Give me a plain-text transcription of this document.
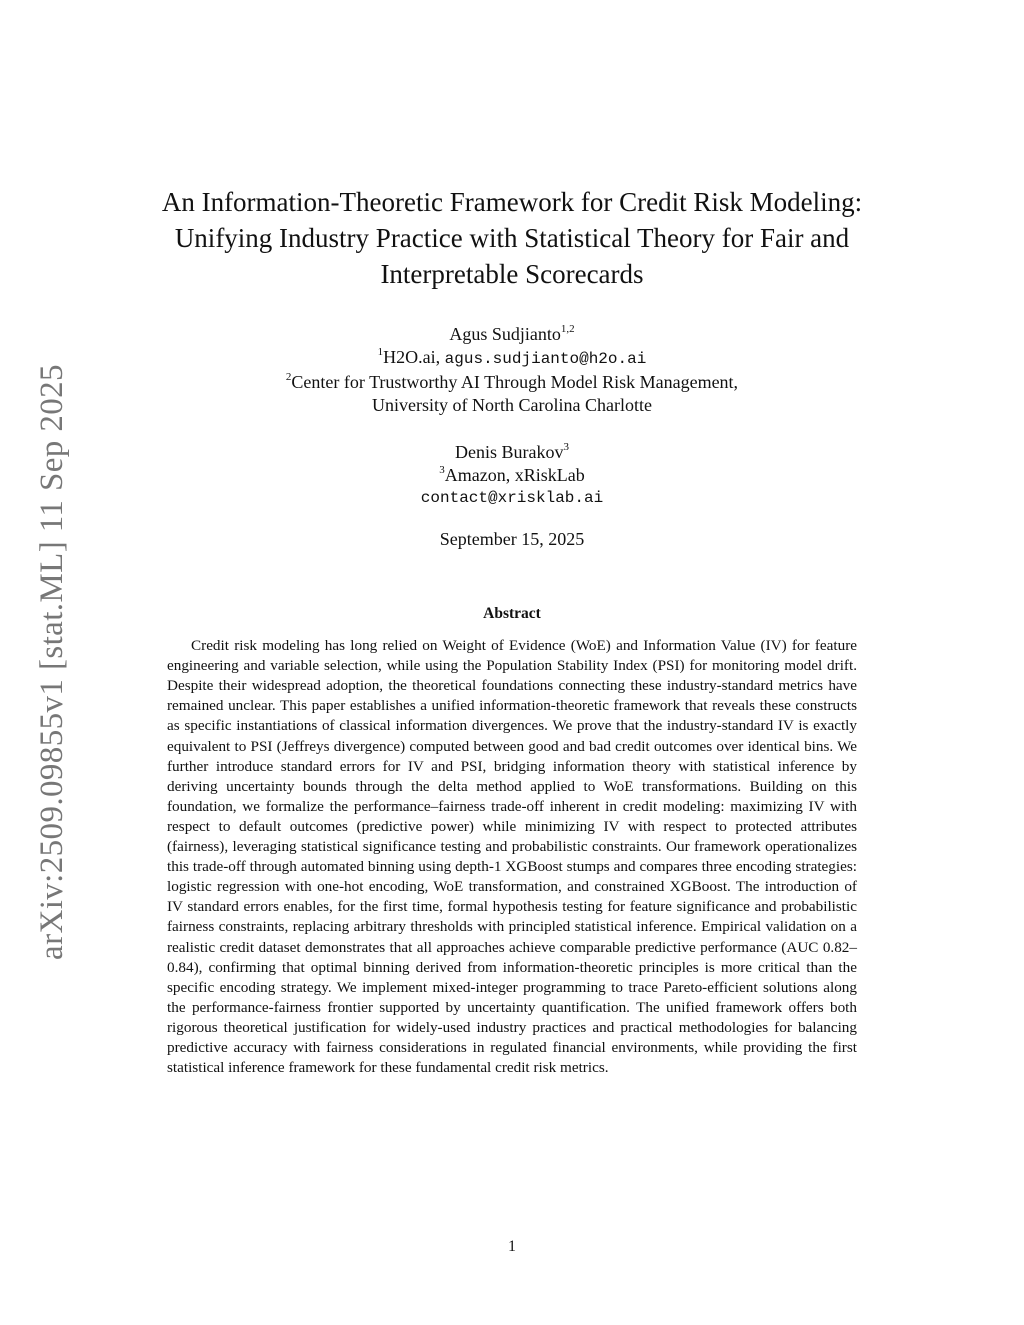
arXiv:2509.09855v1 [stat.ML] 11 Sep 2025
An Information-Theoretic Framework for Credit Risk Modeling:
Unifying Industry Practice with Statistical Theory for Fair and
Interpretable Scorecards
Agus Sudjianto$^{1,2}$
$^1$H2O.ai, agus.sudjianto@h2o.ai
$^2$Center for Trustworthy AI Through Model Risk Management,
University of North Carolina Charlotte
Denis Burakov$^3$
$^3$Amazon, xRiskLab
contact@xrisklab.ai
September 15, 2025
Abstract

Credit risk modeling has long relied on Weight of Evidence (WoE) and Information Value (IV) for feature engineering and variable selection, while using the Population Stability Index (PSI) for monitoring model drift. Despite their widespread adoption, the theoretical foundations connecting these industry-standard metrics have remained unclear. This paper establishes a unified information-theoretic framework that reveals these constructs as specific instantiations of classical information divergences. We prove that the industry-standard IV is exactly equivalent to PSI (Jeffreys divergence) computed between good and bad credit outcomes over identical bins. We further introduce standard errors for IV and PSI, bridging information theory with statistical inference by deriving uncertainty bounds through the delta method applied to WoE transformations. Building on this foundation, we formalize the performance–fairness trade-off inherent in credit modeling: maximizing IV with respect to default outcomes (predictive power) while minimizing IV with respect to protected attributes (fairness), leveraging statistical significance testing and probabilistic constraints. Our framework operationalizes this trade-off through automated binning using depth-1 XGBoost stumps and compares three encoding strategies: logistic regression with one-hot encoding, WoE transformation, and constrained XGBoost. The introduction of IV standard errors enables, for the first time, formal hypothesis testing for feature significance and probabilistic fairness constraints, replacing arbitrary thresholds with principled statistical inference. Empirical validation on a realistic credit dataset demonstrates that all approaches achieve comparable predictive performance (AUC 0.82–0.84), confirming that optimal binning derived from information-theoretic principles is more critical than the specific encoding strategy. We implement mixed-integer programming to trace Pareto-efficient solutions along the performance-fairness frontier supported by uncertainty quantification. The unified framework offers both rigorous theoretical justification for widely-used industry practices and practical methodologies for balancing predictive accuracy with fairness considerations in regulated financial environments, while providing the first statistical inference framework for these fundamental credit risk metrics.

1
